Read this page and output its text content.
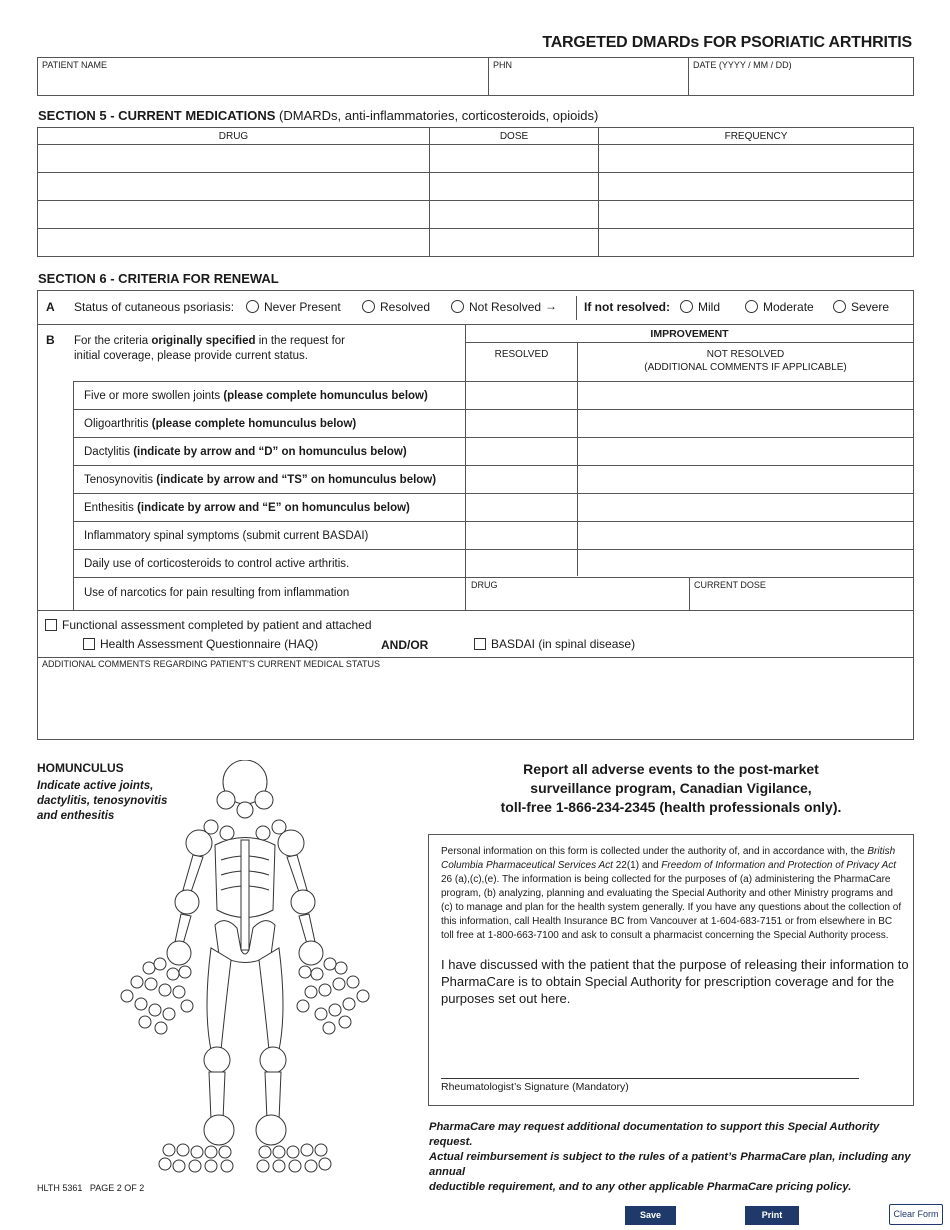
TARGETED DMARDs FOR PSORIATIC ARTHRITIS
PATIENT NAME	PHN	DATE (YYYY / MM / DD)
SECTION 5 - CURRENT MEDICATIONS (DMARDs, anti-inflammatories, corticosteroids, opioids)
DRUG	DOSE	FREQUENCY

SECTION 6 - CRITERIA FOR RENEWAL
A Status of cutaneous psoriasis:	Never Present	Resolved	Not Resolved → If not resolved:	Mild	Moderate	Severe
B For the criteria originally specified in the request for
initial coverage, please provide current status.
IMPROVEMENT
RESOLVED	NOT RESOLVED
(ADDITIONAL COMMENTS IF APPLICABLE)
Five or more swollen joints (please complete homunculus below)
Oligoarthritis (please complete homunculus below)
Dactylitis (indicate by arrow and “D” on homunculus below)
Tenosynovitis (indicate by arrow and “TS” on homunculus below)
Enthesitis (indicate by arrow and “E” on homunculus below)
Inflammatory spinal symptoms (submit current BASDAI)
Daily use of corticosteroids to control active arthritis.
Use of narcotics for pain resulting from inflammation
DRUG	CURRENT DOSE
Functional assessment completed by patient and attached
Health Assessment Questionnaire (HAQ)	AND/OR	BASDAI (in spinal disease)
ADDITIONAL COMMENTS REGARDING PATIENT’S CURRENT MEDICAL STATUS
HOMUNCULUS
Indicate active joints,
dactylitis, tenosynovitis
and enthesitis
Report all adverse events to the post-market
surveillance program, Canadian Vigilance,
toll-free 1-866-234-2345 (health professionals only).
Personal information on this form is collected under the authority of, and in accordance with, the British Columbia Pharmaceutical Services Act 22(1) and Freedom of Information and Protection of Privacy Act 26 (a),(c),(e). The information is being collected for the purposes of (a) administering the PharmaCare program, (b) analyzing, planning and evaluating the Special Authority and other Ministry programs and (c) to manage and plan for the health system generally. If you have any questions about the collection of this information, call Health Insurance BC from Vancouver at 1-604-683-7151 or from elsewhere in BC toll free at 1-800-663-7100 and ask to consult a pharmacist concerning the Special Authority process.
I have discussed with the patient that the purpose of releasing their information to PharmaCare is to obtain Special Authority for prescription coverage and for the purposes set out here.
Rheumatologist’s Signature (Mandatory)
PharmaCare may request additional documentation to support this Special Authority request.
Actual reimbursement is subject to the rules of a patient’s PharmaCare plan, including any annual
deductible requirement, and to any other applicable PharmaCare pricing policy.
HLTH 5361   PAGE 2 OF 2
Save	Print	Clear Form
